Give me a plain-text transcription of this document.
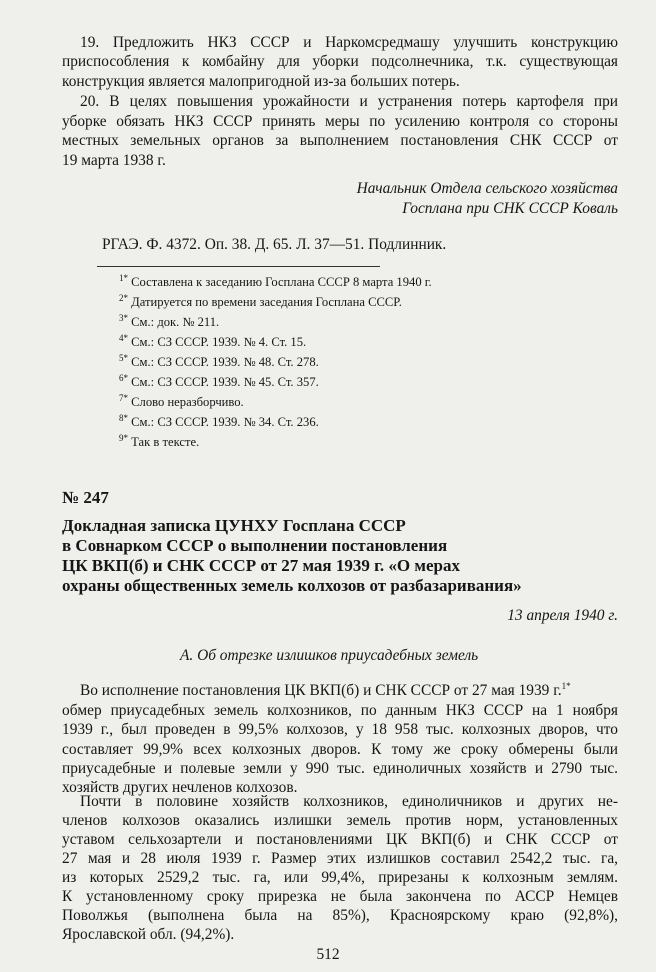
19. Предложить НКЗ СССР и Наркомсредмашу улучшить конструкцию

приспособления к комбайну для уборки подсолнечника, т.к. существующая

конструкция является малопригодной из-за больших потерь.

20. В целях повышения урожайности и устранения потерь картофеля при

уборке обязать НКЗ СССР принять меры по усилению контроля со стороны

местных земельных органов за выполнением постановления СНК СССР от

19 марта 1938 г.

Начальник Отдела сельского хозяйства

Госплана при СНК СССР Коваль

РГАЭ. Ф. 4372. Оп. 38. Д. 65. Л. 37—51. Подлинник.

$^{1*}$ Составлена к заседанию Госплана СССР 8 марта 1940 г.

$^{2*}$ Датируется по времени заседания Госплана СССР.

$^{3*}$ См.: док. № 211.

$^{4*}$ См.: СЗ СССР. 1939. № 4. Ст. 15.

$^{5*}$ См.: СЗ СССР. 1939. № 48. Ст. 278.

$^{6*}$ См.: СЗ СССР. 1939. № 45. Ст. 357.

$^{7*}$ Слово неразборчиво.

$^{8*}$ См.: СЗ СССР. 1939. № 34. Ст. 236.

$^{9*}$ Так в тексте.

№ 247

Докладная записка ЦУНХУ Госплана СССР

в Совнарком СССР о выполнении постановления

ЦК ВКП(б) и СНК СССР от 27 мая 1939 г. «О мерах

охраны общественных земель колхозов от разбазаривания»

13 апреля 1940 г.

А. Об отрезке излишков приусадебных земель

Во исполнение постановления ЦК ВКП(б) и СНК СССР от 27 мая 1939 г.$^{1*}$

обмер приусадебных земель колхозников, по данным НКЗ СССР на 1 ноября

1939 г., был проведен в 99,5% колхозов, у 18 958 тыс. колхозных дворов, что

составляет 99,9% всех колхозных дворов. К тому же сроку обмерены были

приусадебные и полевые земли у 990 тыс. единоличных хозяйств и 2790 тыс.

хозяйств других нечленов колхозов.

Почти в половине хозяйств колхозников, единоличников и других не-

членов колхозов оказались излишки земель против норм, установленных

уставом сельхозартели и постановлениями ЦК ВКП(б) и СНК СССР от

27 мая и 28 июля 1939 г. Размер этих излишков составил 2542,2 тыс. га,

из которых 2529,2 тыс. га, или 99,4%, прирезаны к колхозным землям.

К установленному сроку прирезка не была закончена по АССР Немцев

Поволжья (выполнена была на 85%), Красноярскому краю (92,8%),

Ярославской обл. (94,2%).

512
